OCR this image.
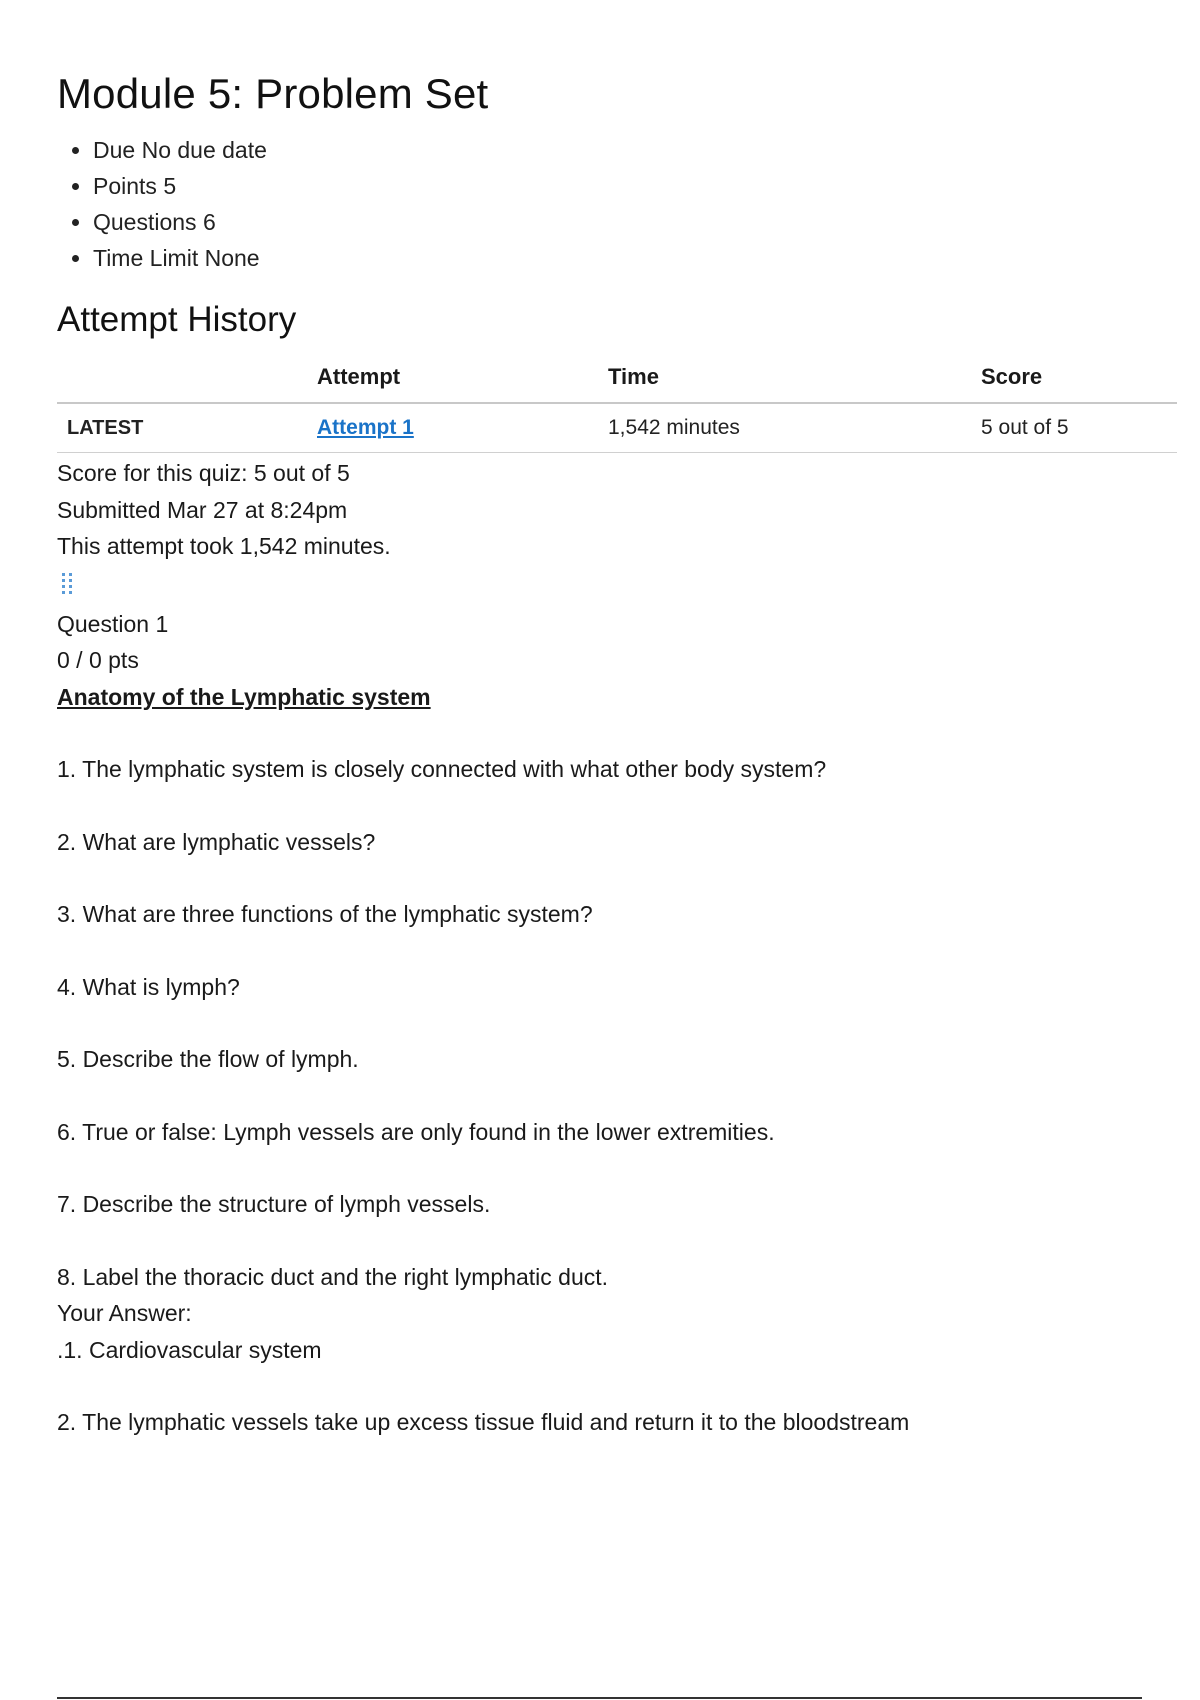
Module 5: Problem Set
• Due No due date
• Points 5
• Questions 6
• Time Limit None
Attempt History
	Attempt	Time	Score
LATEST	Attempt 1	1,542 minutes	5 out of 5

Score for this quiz: 5 out of 5

Submitted Mar 27 at 8:24pm

This attempt took 1,542 minutes.

Question 1

0 / 0 pts

Anatomy of the Lymphatic system

1. The lymphatic system is closely connected with what other body system?

2. What are lymphatic vessels?

3. What are three functions of the lymphatic system?

4. What is lymph?

5. Describe the flow of lymph.

6. True or false: Lymph vessels are only found in the lower extremities.

7. Describe the structure of lymph vessels.

8. Label the thoracic duct and the right lymphatic duct.

Your Answer:

.1. Cardiovascular system

2. The lymphatic vessels take up excess tissue fluid and return it to the bloodstream
